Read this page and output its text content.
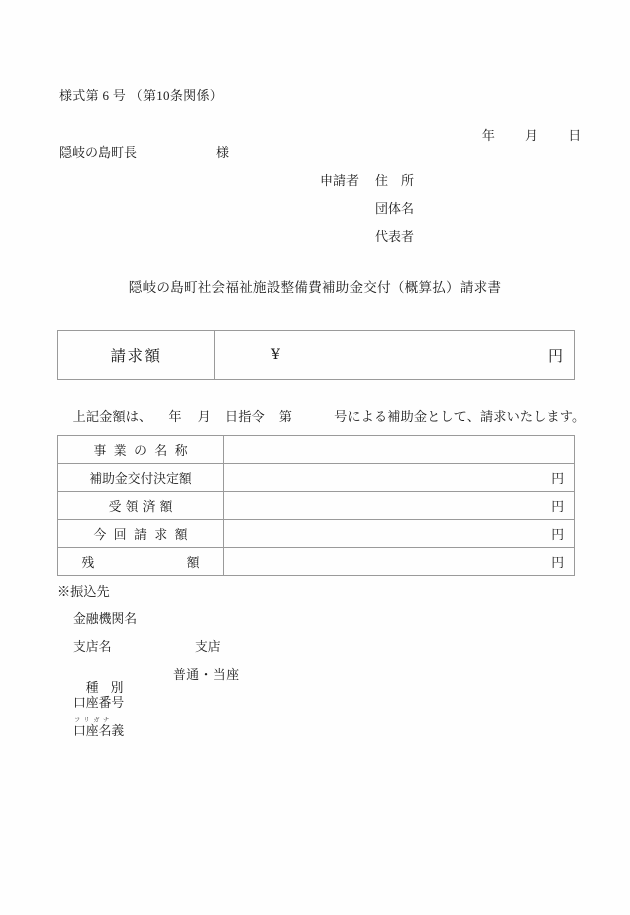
様式第 6 号 （第10条関係）

年 月 日

隠岐の島町長	様
申請者 住　所
団体名
代表者
隠岐の島町社会福祉施設整備費補助金交付（概算払）請求書
請求額	¥	円

上記金額は、 年 月 日指令 第	号による補助金として、請求いたします。

事業の名称	
補助金交付決定額	円
受領済額	円
今回請求額	円

残 額	円
※振込先
金融機関名
支店名	支店

種 別

普通・当座
口座番号
フリガナ
口座名義
